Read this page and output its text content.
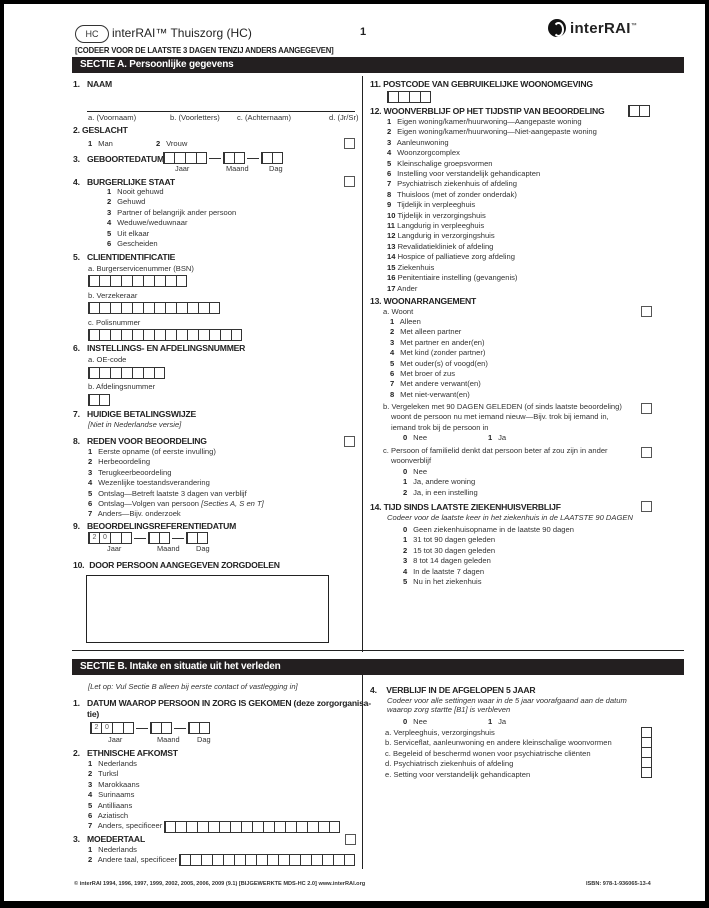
HC	interRAI™ Thuiszorg (HC)	1
[CODEER VOOR DE LAATSTE 3 DAGEN TENZIJ ANDERS AANGEGEVEN]
interRAI™
SECTIE A. Persoonlijke gegevens
1. NAAM
a. (Voornaam)	b. (Voorletters) c. (Achternaam)	d. (Jr/Sr)
2. GESLACHT
1 Man	2 Vrouw
3. GEBOORTEDATUM
Jaar	Maand	Dag
4. BURGERLIJKE STAAT
1 Nooit gehuwd
2 Gehuwd
3 Partner of belangrijk ander persoon
4 Weduwe/weduwnaar
5 Uit elkaar
6 Gescheiden
5. CLIENTIDENTIFICATIE
a. Burgerservicenummer (BSN)
b. Verzekeraar
c. Polisnummer
6. INSTELLINGS- EN AFDELINGSNUMMER
a. OE-code
b. Afdelingsnummer
7. HUIDIGE BETALINGSWIJZE
[Niet in Nederlandse versie]
8. REDEN VOOR BEOORDELING
1 Eerste opname (of eerste invulling)
2 Herbeoordeling
3 Terugkeerbeoordeling
4 Wezenlijke toestandsverandering
5 Ontslag—Betreft laatste 3 dagen van verblijf
6 Ontslag—Volgen van persoon [Secties A, S en T]
7 Anders—Bijv. onderzoek
9. BEOORDELINGSREFERENTIEDATUM
2 0
Jaar	Maand Dag
10. DOOR PERSOON AANGEGEVEN ZORGDOELEN
11. POSTCODE VAN GEBRUIKELIJKE WOONOMGEVING
12. WOONVERBLIJF OP HET TIJDSTIP VAN BEOORDELING
1 Eigen woning/kamer/huurwoning—Aangepaste woning
2 Eigen woning/kamer/huurwoning—Niet-aangepaste woning
3 Aanleunwoning
4 Woonzorgcomplex
5 Kleinschalige groepsvormen
6 Instelling voor verstandelijk gehandicapten
7 Psychiatrisch ziekenhuis of afdeling
8 Thuisloos (met of zonder onderdak)
9 Tijdelijk in verpleeghuis
10 Tijdelijk in verzorgingshuis
11 Langdurig in verpleeghuis
12 Langdurig in verzorgingshuis
13 Revalidatiekliniek of afdeling
14 Hospice of palliatieve zorg afdeling
15 Ziekenhuis
16 Penitentiaire instelling (gevangenis)
17 Ander
13. WOONARRANGEMENT
a. Woont
1 Alleen
2 Met alleen partner
3 Met partner en ander(en)
4 Met kind (zonder partner)
5 Met ouder(s) of voogd(en)
6 Met broer of zus
7 Met andere verwant(en)
8 Met niet-verwant(en)
b. Vergeleken met 90 DAGEN GELEDEN (of sinds laatste beoordeling)
woont de persoon nu met iemand nieuw—Bijv. trok bij iemand in,
iemand trok bij de persoon in
0 Nee	1 Ja
c. Persoon of familielid denkt dat persoon beter af zou zijn in ander
woonverblijf
0 Nee
1 Ja, andere woning
2 Ja, in een instelling
14. TIJD SINDS LAATSTE ZIEKENHUISVERBLIJF
Codeer voor de laatste keer in het ziekenhuis in de LAATSTE 90 DAGEN
0 Geen ziekenhuisopname in de laatste 90 dagen
1 31 tot 90 dagen geleden
2 15 tot 30 dagen geleden
3 8 tot 14 dagen geleden
4 In de laatste 7 dagen
5 Nu in het ziekenhuis
SECTIE B. Intake en situatie uit het verleden
[Let op: Vul Sectie B alleen bij eerste contact of vastlegging in]
1. DATUM WAAROP PERSOON IN ZORG IS GEKOMEN (deze zorgorganisa-
tie)
2 0
Jaar	Maand Dag
2. ETHNISCHE AFKOMST
1 Nederlands
2 Turksl
3 Marokkaans
4 Surinaams
5 Antilliaans
6 Aziatisch
7 Anders, specificeer
3. MOEDERTAAL
1 Nederlands
2 Andere taal, specificeer
4. VERBLIJF IN DE AFGELOPEN 5 JAAR
Codeer voor alle settingen waar in de 5 jaar voorafgaand aan de datum
waarop zorg startte [B1] is verbleven
0 Nee	1 Ja
a. Verpleeghuis, verzorgingshuis
b. Serviceflat, aanleunwoning en andere kleinschalige woonvormen
c. Begeleid of beschermd wonen voor psychiatrische cliënten
d. Psychiatrisch ziekenhuis of afdeling
e. Setting voor verstandelijk gehandicapten
© interRAI 1994, 1996, 1997, 1999, 2002, 2005, 2006, 2009 (9.1) [BIJGEWERKTE MDS-HC 2.0] www.interRAI.org	ISBN: 978-1-936065-13-4
